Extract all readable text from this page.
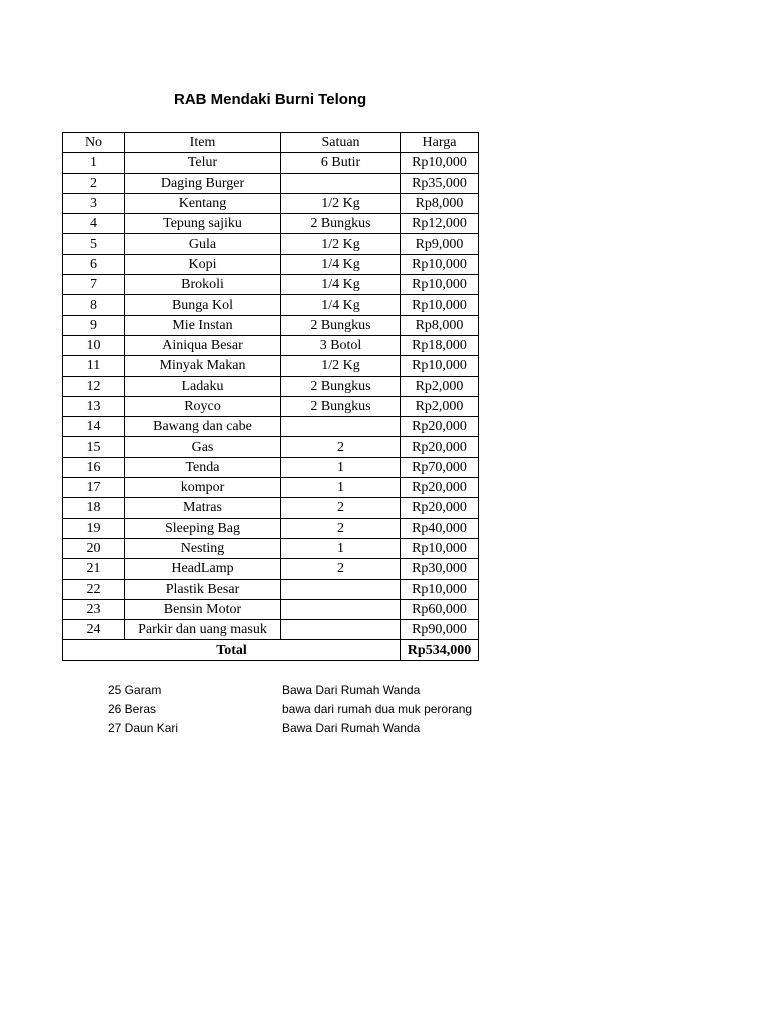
RAB Mendaki Burni Telong
No	Item	Satuan	Harga
1	Telur	6 Butir	Rp10,000
2	Daging Burger		Rp35,000
3	Kentang	1/2 Kg	Rp8,000
4	Tepung sajiku	2 Bungkus	Rp12,000
5	Gula	1/2 Kg	Rp9,000
6	Kopi	1/4 Kg	Rp10,000
7	Brokoli	1/4 Kg	Rp10,000
8	Bunga Kol	1/4 Kg	Rp10,000
9	Mie Instan	2 Bungkus	Rp8,000
10	Ainiqua Besar	3 Botol	Rp18,000
11	Minyak Makan	1/2 Kg	Rp10,000
12	Ladaku	2 Bungkus	Rp2,000
13	Royco	2 Bungkus	Rp2,000
14	Bawang dan cabe		Rp20,000
15	Gas	2	Rp20,000
16	Tenda	1	Rp70,000
17	kompor	1	Rp20,000
18	Matras	2	Rp20,000
19	Sleeping Bag	2	Rp40,000
20	Nesting	1	Rp10,000
21	HeadLamp	2	Rp30,000
22	Plastik Besar		Rp10,000
23	Bensin Motor		Rp60,000
24	Parkir dan uang masuk		Rp90,000
Total			Rp534,000
25 Garam	Bawa Dari Rumah Wanda
26 Beras	bawa dari rumah dua muk perorang
27 Daun Kari	Bawa Dari Rumah Wanda
